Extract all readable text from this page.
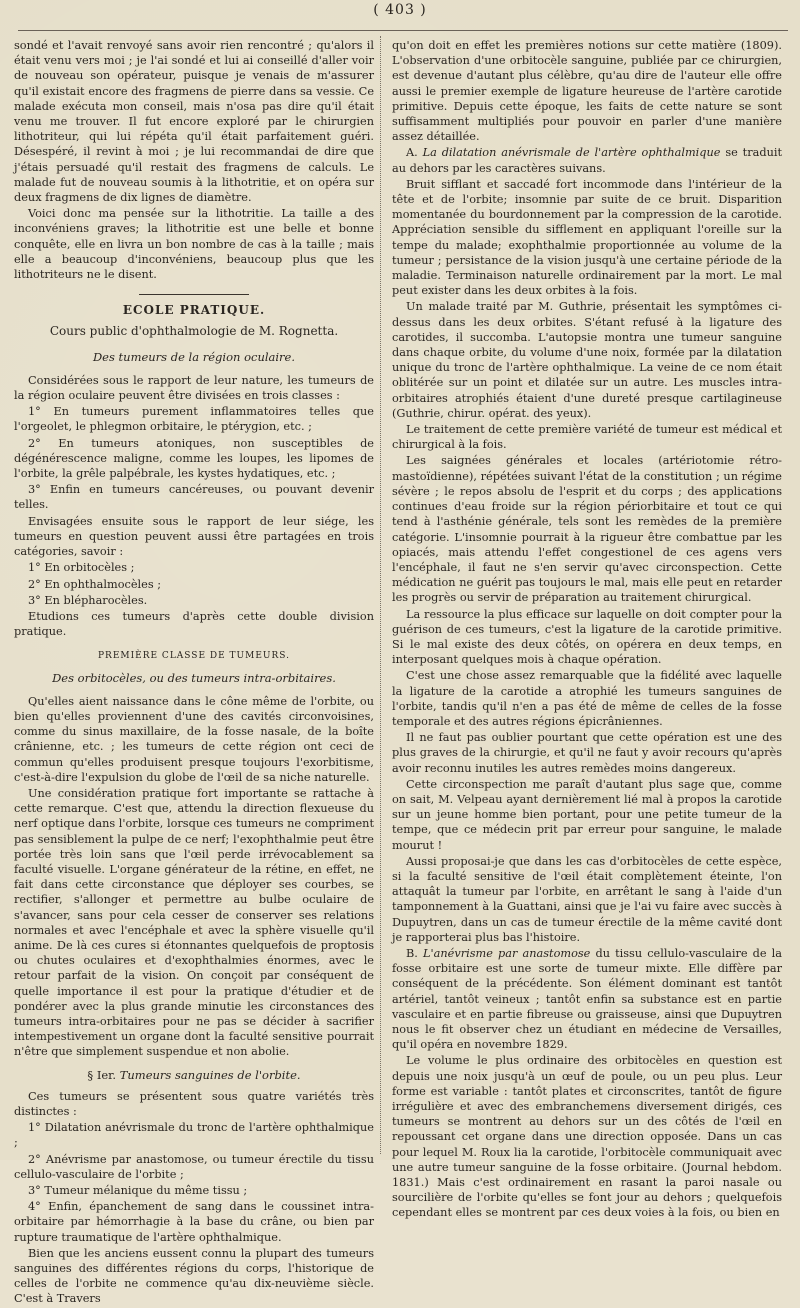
( 403 )

sondé et l'avait renvoyé sans avoir rien rencontré ; qu'alors il était venu vers moi ; je l'ai sondé et lui ai conseillé d'aller voir de nouveau son opérateur, puisque je venais de m'assurer qu'il existait encore des fragmens de pierre dans sa vessie. Ce malade exécuta mon conseil, mais n'osa pas dire qu'il était venu me trouver. Il fut encore exploré par le chirurgien lithotriteur, qui lui répéta qu'il était parfaitement guéri. Désespéré, il revint à moi ; je lui recommandai de dire que j'étais persuadé qu'il restait des fragmens de calculs. Le malade fut de nouveau soumis à la lithotritie, et on opéra sur deux fragmens de dix lignes de diamètre.

Voici donc ma pensée sur la lithotritie. La taille a des inconvéniens graves; la lithotritie est une belle et bonne conquête, elle en livra un bon nombre de cas à la taille ; mais elle a beaucoup d'inconvéniens, beaucoup plus que les lithotriteurs ne le disent.

ECOLE PRATIQUE.
Cours public d'ophthalmologie de M. Rognetta.
Des tumeurs de la région oculaire.

Considérées sous le rapport de leur nature, les tumeurs de la région oculaire peuvent être divisées en trois classes :

1° En tumeurs purement inflammatoires telles que l'orgeolet, le phlegmon orbitaire, le ptérygion, etc. ;

2° En tumeurs atoniques, non susceptibles de dégénérescence maligne, comme les loupes, les lipomes de l'orbite, la grêle palpébrale, les kystes hydatiques, etc. ;

3° Enfin en tumeurs cancéreuses, ou pouvant devenir telles.

Envisagées ensuite sous le rapport de leur siége, les tumeurs en question peuvent aussi être partagées en trois catégories, savoir :

1° En orbitocèles ;

2° En ophthalmocèles ;

3° En blépharocèles.

Etudions ces tumeurs d'après cette double division pratique.

PREMIÈRE CLASSE DE TUMEURS.
Des orbitocèles, ou des tumeurs intra-orbitaires.

Qu'elles aient naissance dans le cône même de l'orbite, ou bien qu'elles proviennent d'une des cavités circonvoisines, comme du sinus maxillaire, de la fosse nasale, de la boîte crânienne, etc. ; les tumeurs de cette région ont ceci de commun qu'elles produisent presque toujours l'exorbitisme, c'est-à-dire l'expulsion du globe de l'œil de sa niche naturelle.

Une considération pratique fort importante se rattache à cette remarque. C'est que, attendu la direction flexueuse du nerf optique dans l'orbite, lorsque ces tumeurs ne compriment pas sensiblement la pulpe de ce nerf; l'exophthalmie peut être portée très loin sans que l'œil perde irrévocablement sa faculté visuelle. L'organe générateur de la rétine, en effet, ne fait dans cette circonstance que déployer ses courbes, se rectifier, s'allonger et permettre au bulbe oculaire de s'avancer, sans pour cela cesser de conserver ses relations normales et avec l'encéphale et avec la sphère visuelle qu'il anime. De là ces cures si étonnantes quelquefois de proptosis ou chutes oculaires et d'exophthalmies énormes, avec le retour parfait de la vision. On conçoit par conséquent de quelle importance il est pour la pratique d'étudier et de pondérer avec la plus grande minutie les circonstances des tumeurs intra-orbitaires pour ne pas se décider à sacrifier intempestivement un organe dont la faculté sensitive pourrait n'être que simplement suspendue et non abolie.

§ Ier. Tumeurs sanguines de l'orbite.

Ces tumeurs se présentent sous quatre variétés très distinctes :

1° Dilatation anévrismale du tronc de l'artère ophthalmique ;

2° Anévrisme par anastomose, ou tumeur érectile du tissu cellulo-vasculaire de l'orbite ;

3° Tumeur mélanique du même tissu ;

4° Enfin, épanchement de sang dans le coussinet intra-orbitaire par hémorrhagie à la base du crâne, ou bien par rupture traumatique de l'artère ophthalmique.

Bien que les anciens eussent connu la plupart des tumeurs sanguines des différentes régions du corps, l'historique de celles de l'orbite ne commence qu'au dix-neuvième siècle. C'est à Travers

qu'on doit en effet les premières notions sur cette matière (1809). L'observation d'une orbitocèle sanguine, publiée par ce chirurgien, est devenue d'autant plus célèbre, qu'au dire de l'auteur elle offre aussi le premier exemple de ligature heureuse de l'artère carotide primitive. Depuis cette époque, les faits de cette nature se sont suffisamment multipliés pour pouvoir en parler d'une manière assez détaillée.

A. La dilatation anévrismale de l'artère ophthalmique se traduit au dehors par les caractères suivans.

Bruit sifflant et saccadé fort incommode dans l'intérieur de la tête et de l'orbite; insomnie par suite de ce bruit. Disparition momentanée du bourdonnement par la compression de la carotide. Appréciation sensible du sifflement en appliquant l'oreille sur la tempe du malade; exophthalmie proportionnée au volume de la tumeur ; persistance de la vision jusqu'à une certaine période de la maladie. Terminaison naturelle ordinairement par la mort. Le mal peut exister dans les deux orbites à la fois.

Un malade traité par M. Guthrie, présentait les symptômes ci-dessus dans les deux orbites. S'étant refusé à la ligature des carotides, il succomba. L'autopsie montra une tumeur sanguine dans chaque orbite, du volume d'une noix, formée par la dilatation unique du tronc de l'artère ophthalmique. La veine de ce nom était oblitérée sur un point et dilatée sur un autre. Les muscles intra-orbitaires atrophiés étaient d'une dureté presque cartilagineuse (Guthrie, chirur. opérat. des yeux).

Le traitement de cette première variété de tumeur est médical et chirurgical à la fois.

Les saignées générales et locales (artériotomie rétro-mastoïdienne), répétées suivant l'état de la constitution ; un régime sévère ; le repos absolu de l'esprit et du corps ; des applications continues d'eau froide sur la région périorbitaire et tout ce qui tend à l'asthénie générale, tels sont les remèdes de la première catégorie. L'insomnie pourrait à la rigueur être combattue par les opiacés, mais attendu l'effet congestionel de ces agens vers l'encéphale, il faut ne s'en servir qu'avec circonspection. Cette médication ne guérit pas toujours le mal, mais elle peut en retarder les progrès ou servir de préparation au traitement chirurgical.

La ressource la plus efficace sur laquelle on doit compter pour la guérison de ces tumeurs, c'est la ligature de la carotide primitive. Si le mal existe des deux côtés, on opérera en deux temps, en interposant quelques mois à chaque opération.

C'est une chose assez remarquable que la fidélité avec laquelle la ligature de la carotide a atrophié les tumeurs sanguines de l'orbite, tandis qu'il n'en a pas été de même de celles de la fosse temporale et des autres régions épicrâniennes.

Il ne faut pas oublier pourtant que cette opération est une des plus graves de la chirurgie, et qu'il ne faut y avoir recours qu'après avoir reconnu inutiles les autres remèdes moins dangereux.

Cette circonspection me paraît d'autant plus sage que, comme on sait, M. Velpeau ayant dernièrement lié mal à propos la carotide sur un jeune homme bien portant, pour une petite tumeur de la tempe, que ce médecin prit par erreur pour sanguine, le malade mourut !

Aussi proposai-je que dans les cas d'orbitocèles de cette espèce, si la faculté sensitive de l'œil était complètement éteinte, l'on attaquât la tumeur par l'orbite, en arrêtant le sang à l'aide d'un tamponnement à la Guattani, ainsi que je l'ai vu faire avec succès à Dupuytren, dans un cas de tumeur érectile de la même cavité dont je rapporterai plus bas l'histoire.

B. L'anévrisme par anastomose du tissu cellulo-vasculaire de la fosse orbitaire est une sorte de tumeur mixte. Elle diffère par conséquent de la précédente. Son élément dominant est tantôt artériel, tantôt veineux ; tantôt enfin sa substance est en partie vasculaire et en partie fibreuse ou graisseuse, ainsi que Dupuytren nous le fit observer chez un étudiant en médecine de Versailles, qu'il opéra en novembre 1829.

Le volume le plus ordinaire des orbitocèles en question est depuis une noix jusqu'à un œuf de poule, ou un peu plus. Leur forme est variable : tantôt plates et circonscrites, tantôt de figure irrégulière et avec des embranchemens diversement dirigés, ces tumeurs se montrent au dehors sur un des côtés de l'œil en repoussant cet organe dans une direction opposée. Dans un cas pour lequel M. Roux lia la carotide, l'orbitocèle communiquait avec une autre tumeur sanguine de la fosse orbitaire. (Journal hebdom. 1831.) Mais c'est ordinairement en rasant la paroi nasale ou sourcilière de l'orbite qu'elles se font jour au dehors ; quelquefois cependant elles se montrent par ces deux voies à la fois, ou bien en
